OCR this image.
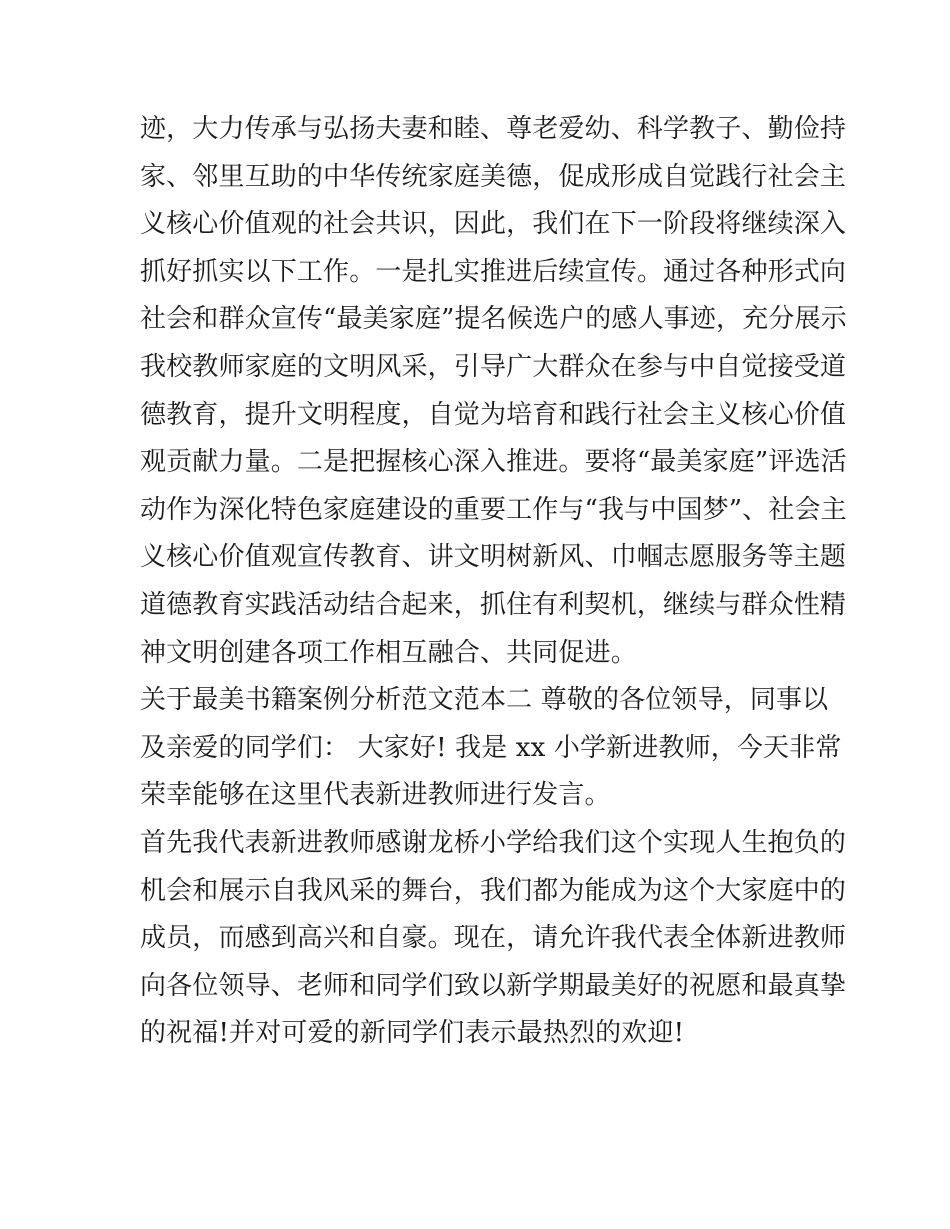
迹，大力传承与弘扬夫妻和睦、尊老爱幼、科学教子、勤俭持
家、邻里互助的中华传统家庭美德，促成形成自觉践行社会主
义核心价值观的社会共识，因此，我们在下一阶段将继续深入
抓好抓实以下工作。一是扎实推进后续宣传。通过各种形式向
社会和群众宣传“最美家庭”提名候选户的感人事迹，充分展示
我校教师家庭的文明风采，引导广大群众在参与中自觉接受道
德教育，提升文明程度，自觉为培育和践行社会主义核心价值
观贡献力量。二是把握核心深入推进。要将“最美家庭”评选活
动作为深化特色家庭建设的重要工作与“我与中国梦”、社会主
义核心价值观宣传教育、讲文明树新风、巾帼志愿服务等主题
道德教育实践活动结合起来，抓住有利契机，继续与群众性精
神文明创建各项工作相互融合、共同促进。
关于最美书籍案例分析范文范本二 尊敬的各位领导，同事以
及亲爱的同学们： 大家好! 我是 xx 小学新进教师，今天非常
荣幸能够在这里代表新进教师进行发言。
首先我代表新进教师感谢龙桥小学给我们这个实现人生抱负的
机会和展示自我风采的舞台，我们都为能成为这个大家庭中的
成员，而感到高兴和自豪。现在，请允许我代表全体新进教师
向各位领导、老师和同学们致以新学期最美好的祝愿和最真挚
的祝福!并对可爱的新同学们表示最热烈的欢迎!
